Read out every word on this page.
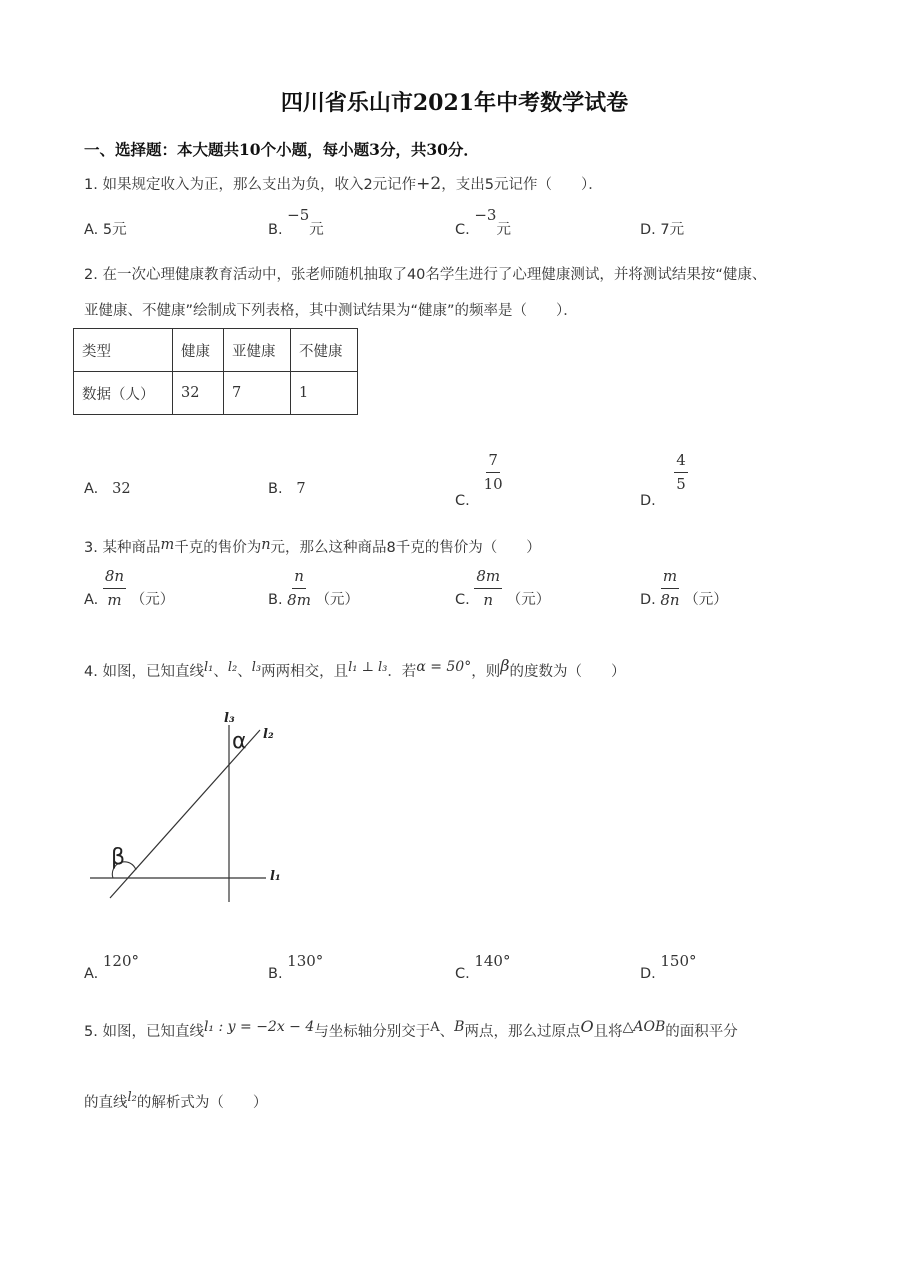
四川省乐山市2021年中考数学试卷
一、选择题：本大题共10个小题，每小题3分，共30分．
1. 如果规定收入为正，那么支出为负，收入2元记作+2，支出5元记作（　　）．
A. 5元	B. −5元	C. −3元	D. 7元
2. 在一次心理健康教育活动中，张老师随机抽取了40名学生进行了心理健康测试，并将测试结果按“健康、
亚健康、不健康”绘制成下列表格，其中测试结果为“健康”的频率是（　　）．
类型	健康	亚健康	不健康
数据（人）	32	7	1
A. 32	B. 7
C.
$\frac{7}{10}$
D.
$\frac{4}{5}$
3. 某种商品m千克的售价为n元，那么这种商品8千克的售价为（　　）
A. $\frac{8n}{m}$ （元）	B. $\frac{n}{8m}$ （元）	C. $\frac{8m}{n}$ （元）	D. $\frac{m}{8n}$ （元）
4. 如图，已知直线l₁、l₂、l₃两两相交，且l₁ ⊥ l₃．若α = 50°，则β的度数为（　　）
l₃
l₂
l₁
α
β
A. 120°
B. 130°
C. 140°
D. 150°
5. 如图，已知直线l₁ : y = −2x − 4与坐标轴分别交于A、B两点，那么过原点O且将△AOB的面积平分
的直线l₂的解析式为（　　）
